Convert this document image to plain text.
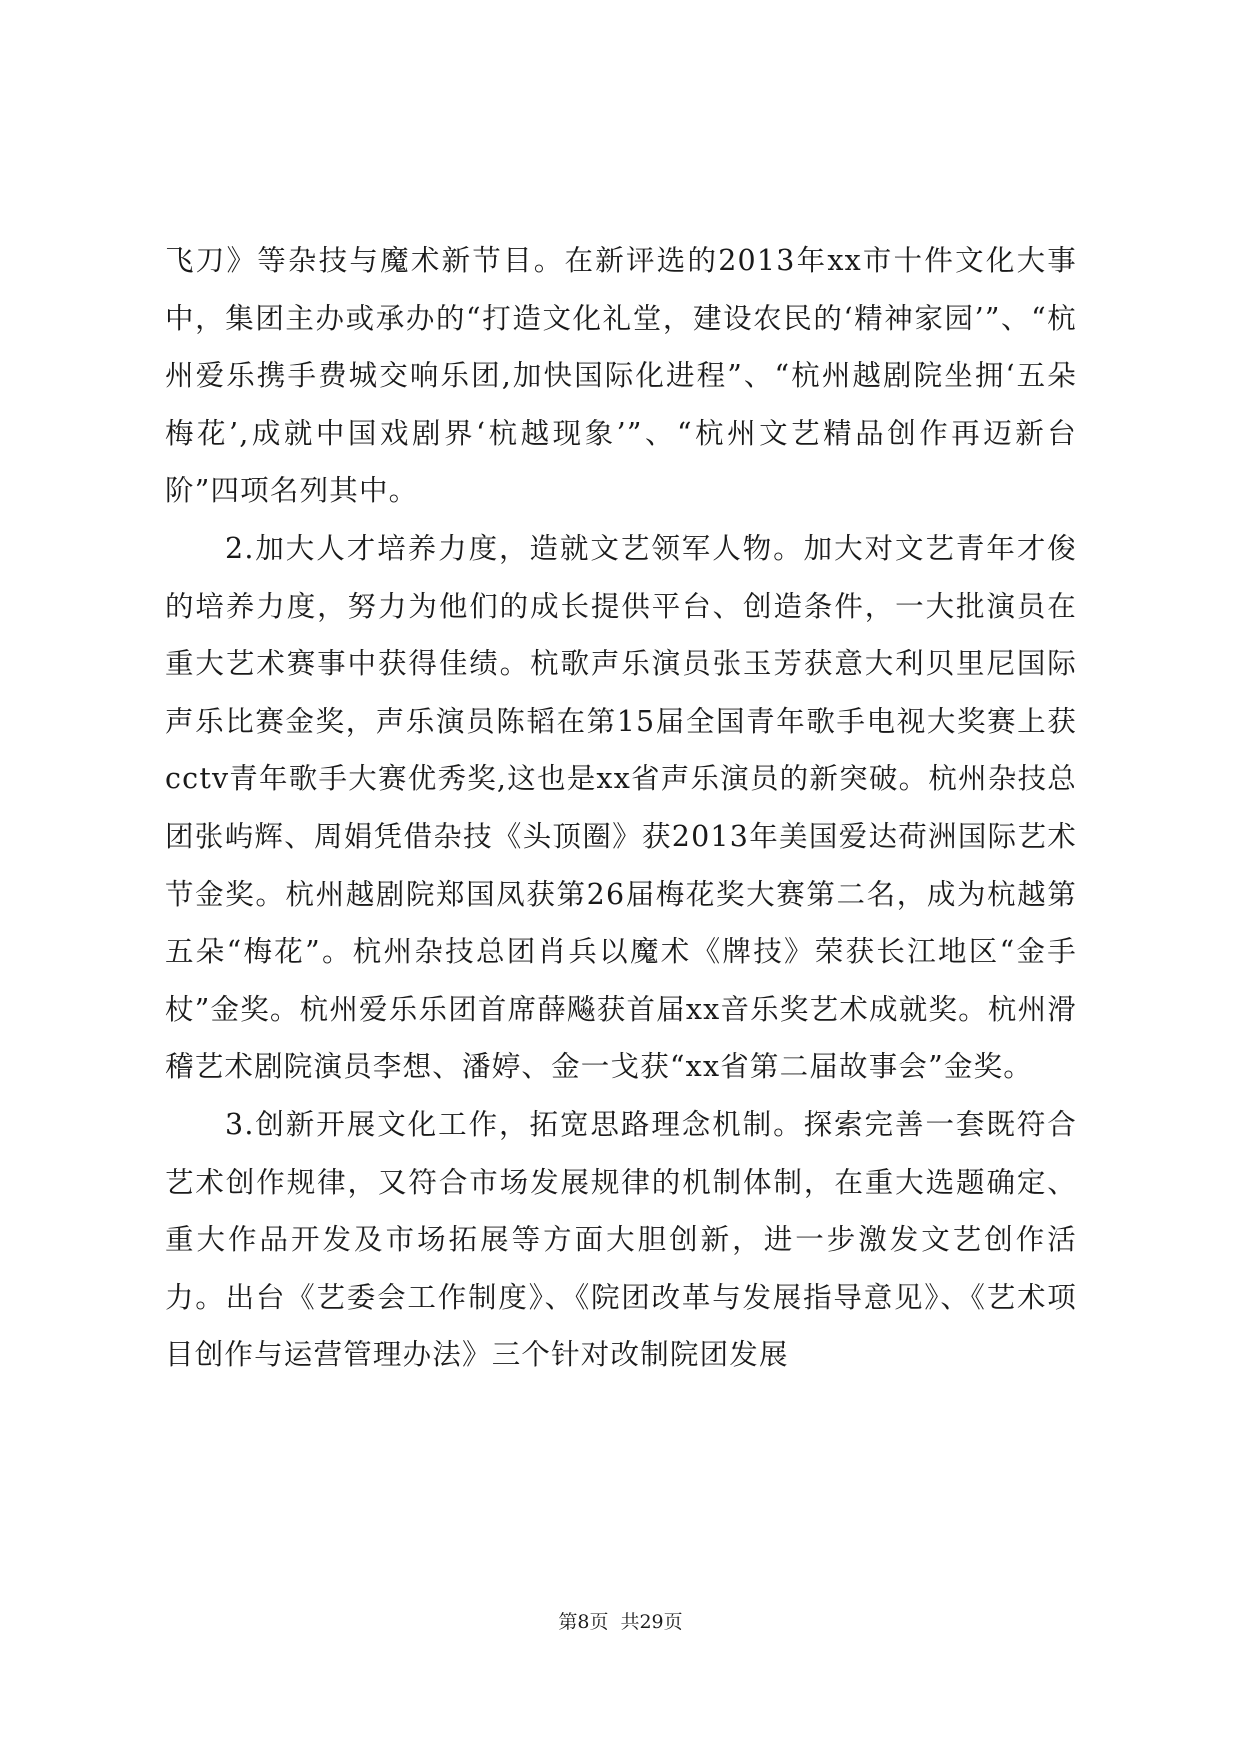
飞刀》等杂技与魔术新节目。在新评选的2013年xx市十件文化大事中，集团主办或承办的“打造文化礼堂，建设农民的‘精神家园’”、“杭州爱乐携手费城交响乐团,加快国际化进程”、“杭州越剧院坐拥‘五朵梅花’,成就中国戏剧界‘杭越现象’”、“杭州文艺精品创作再迈新台阶”四项名列其中。

2.加大人才培养力度，造就文艺领军人物。加大对文艺青年才俊的培养力度，努力为他们的成长提供平台、创造条件，一大批演员在重大艺术赛事中获得佳绩。杭歌声乐演员张玉芳获意大利贝里尼国际声乐比赛金奖，声乐演员陈韬在第15届全国青年歌手电视大奖赛上获cctv青年歌手大赛优秀奖,这也是xx省声乐演员的新突破。杭州杂技总团张屿辉、周娟凭借杂技《头顶圈》获2013年美国爱达荷洲国际艺术节金奖。杭州越剧院郑国凤获第26届梅花奖大赛第二名，成为杭越第五朵“梅花”。杭州杂技总团肖兵以魔术《牌技》荣获长江地区“金手杖”金奖。杭州爱乐乐团首席薛飚获首届xx音乐奖艺术成就奖。杭州滑稽艺术剧院演员李想、潘婷、金一戈获“xx省第二届故事会”金奖。

3.创新开展文化工作，拓宽思路理念机制。探索完善一套既符合艺术创作规律，又符合市场发展规律的机制体制，在重大选题确定、重大作品开发及市场拓展等方面大胆创新，进一步激发文艺创作活力。出台《艺委会工作制度》、《院团改革与发展指导意见》、《艺术项目创作与运营管理办法》三个针对改制院团发展

第8页 共29页
